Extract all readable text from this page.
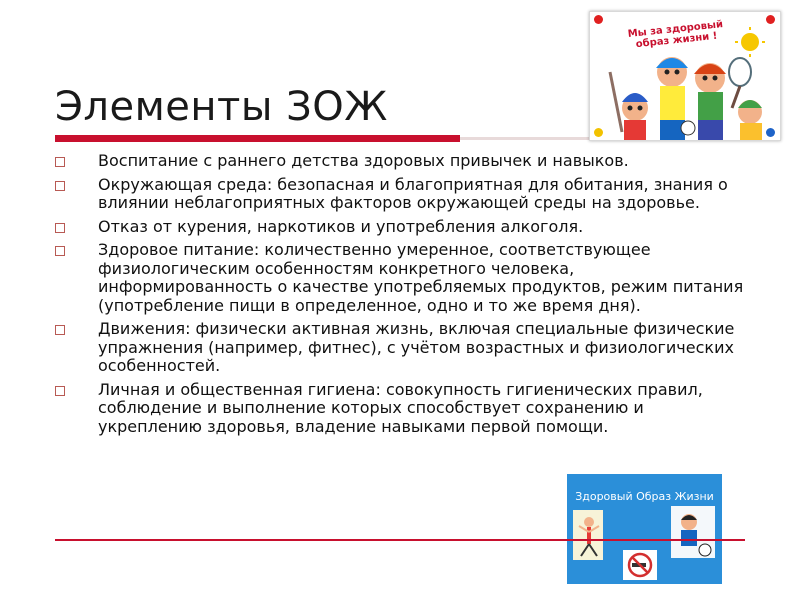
Элементы ЗОЖ
Воспитание с раннего детства здоровых привычек и навыков.
Окружающая среда: безопасная и благоприятная для обитания, знания о влиянии неблагоприятных факторов окружающей среды на здоровье.
Отказ от курения, наркотиков и употребления алкоголя.
Здоровое питание: количественно умеренное, соответствующее физиологическим особенностям конкретного человека, информированность о качестве употребляемых продуктов, режим питания (употребление пищи в определенное, одно и то же время дня).
Движения: физически активная жизнь, включая специальные физические упражнения (например, фитнес), с учётом возрастных и физиологических особенностей.
Личная и общественная гигиена: совокупность гигиенических правил, соблюдение и выполнение которых способствует сохранению и укреплению здоровья, владение навыками первой помощи.
Мы за здоровый образ жизни !
Здоровый Образ Жизни
